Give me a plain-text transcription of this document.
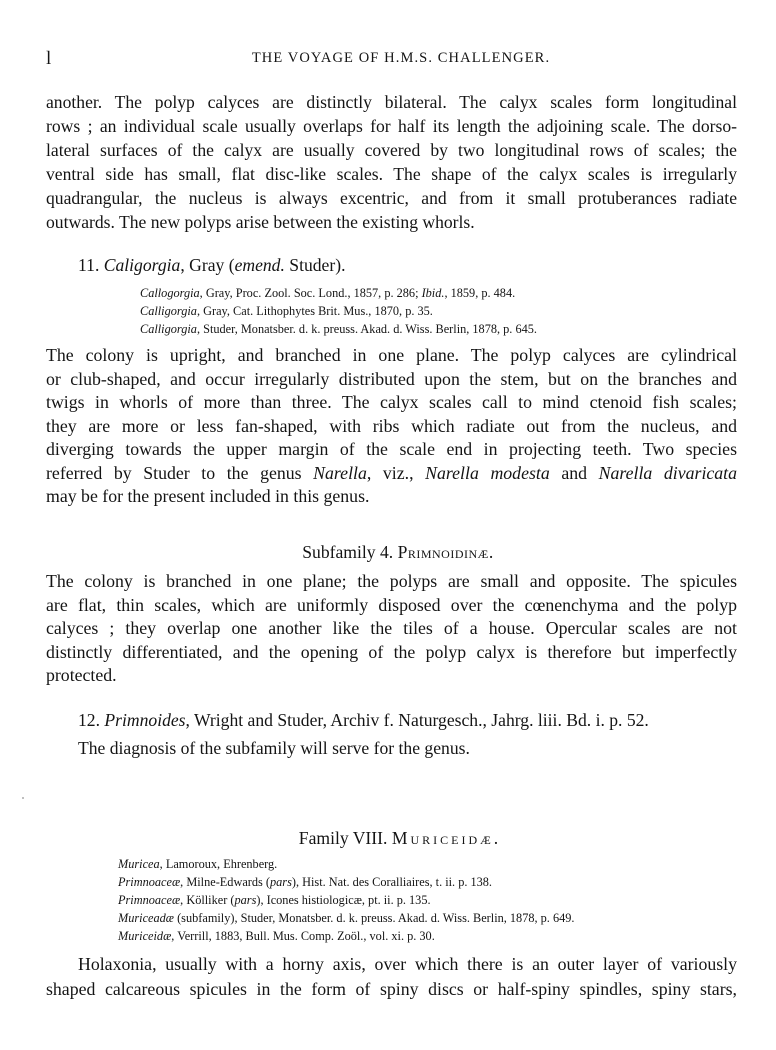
l	THE VOYAGE OF H.M.S. CHALLENGER.

another. The polyp calyces are distinctly bilateral. The calyx scales form longitudinal
rows ; an individual scale usually overlaps for half its length the adjoining scale. The dorso-
lateral surfaces of the calyx are usually covered by two longitudinal rows of scales; the
ventral side has small, flat disc-like scales. The shape of the calyx scales is irregularly
quadrangular, the nucleus is always excentric, and from it small protuberances radiate
outwards. The new polyps arise between the existing whorls.

11. Caligorgia, Gray (emend. Studer).
Callogorgia, Gray, Proc. Zool. Soc. Lond., 1857, p. 286; Ibid., 1859, p. 484.
Calligorgia, Gray, Cat. Lithophytes Brit. Mus., 1870, p. 35.
Calligorgia, Studer, Monatsber. d. k. preuss. Akad. d. Wiss. Berlin, 1878, p. 645.

The colony is upright, and branched in one plane. The polyp calyces are cylindrical
or club-shaped, and occur irregularly distributed upon the stem, but on the branches and
twigs in whorls of more than three. The calyx scales call to mind ctenoid fish scales;
they are more or less fan-shaped, with ribs which radiate out from the nucleus, and
diverging towards the upper margin of the scale end in projecting teeth. Two species
referred by Studer to the genus Narella, viz., Narella modesta and Narella divaricata
may be for the present included in this genus.

Subfamily 4. Primnoidinæ.

The colony is branched in one plane; the polyps are small and opposite. The spicules
are flat, thin scales, which are uniformly disposed over the cœnenchyma and the polyp
calyces ; they overlap one another like the tiles of a house. Opercular scales are not
distinctly differentiated, and the opening of the polyp calyx is therefore but imperfectly
protected.

12. Primnoides, Wright and Studer, Archiv f. Naturgesch., Jahrg. liii. Bd. i. p. 52.

The diagnosis of the subfamily will serve for the genus.

Family VIII. Muriceidæ.
Muricea, Lamoroux, Ehrenberg.
Primnoaceæ, Milne-Edwards (pars), Hist. Nat. des Coralliaires, t. ii. p. 138.
Primnoaceæ, Kölliker (pars), Icones histiologicæ, pt. ii. p. 135.
Muriceadæ (subfamily), Studer, Monatsber. d. k. preuss. Akad. d. Wiss. Berlin, 1878, p. 649.
Muriceidæ, Verrill, 1883, Bull. Mus. Comp. Zoöl., vol. xi. p. 30.

Holaxonia, usually with a horny axis, over which there is an outer layer of variously
shaped calcareous spicules in the form of spiny discs or half-spiny spindles, spiny stars,
